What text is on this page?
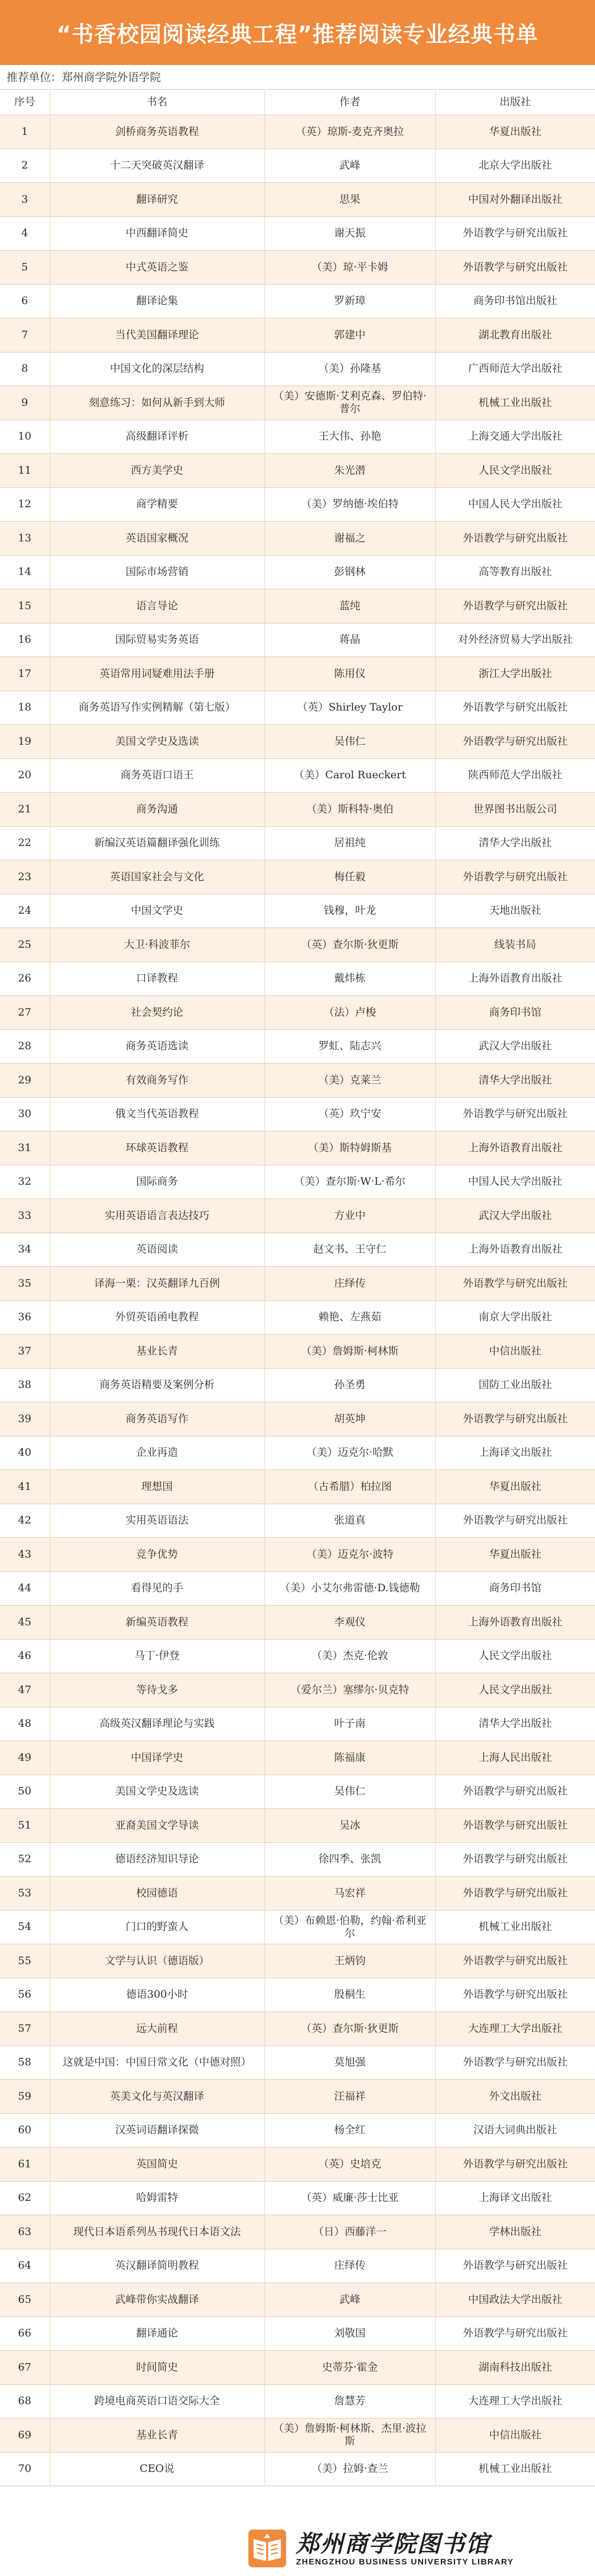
“书香校园阅读经典工程”推荐阅读专业经典书单
推荐单位：郑州商学院外语学院
序号	书名	作者	出版社
1	剑桥商务英语教程	（英）琼斯-麦克齐奥拉	华夏出版社
2	十二天突破英汉翻译	武峰	北京大学出版社
3	翻译研究	思果	中国对外翻译出版社
4	中西翻译简史	谢天振	外语教学与研究出版社
5	中式英语之鉴	（美）琼·平卡姆	外语教学与研究出版社
6	翻译论集	罗新璋	商务印书馆出版社
7	当代美国翻译理论	郭建中	湖北教育出版社
8	中国文化的深层结构	（美）孙隆基	广西师范大学出版社
9	刻意练习：如何从新手到大师	（美）安德斯·艾利克森、罗伯特·普尔	机械工业出版社
10	高级翻译评析	王大伟、孙艳	上海交通大学出版社
11	西方美学史	朱光潜	人民文学出版社
12	商学精要	（美）罗纳德·埃伯特	中国人民大学出版社
13	英语国家概况	谢福之	外语教学与研究出版社
14	国际市场营销	彭钢林	高等教育出版社
15	语言导论	蓝纯	外语教学与研究出版社
16	国际贸易实务英语	蒋晶	对外经济贸易大学出版社
17	英语常用词疑难用法手册	陈用仪	浙江大学出版社
18	商务英语写作实例精解（第七版）	（英）Shirley Taylor	外语教学与研究出版社
19	美国文学史及选读	吴伟仁	外语教学与研究出版社
20	商务英语口语王	（美）Carol Rueckert	陕西师范大学出版社
21	商务沟通	（美）斯科特·奥伯	世界图书出版公司
22	新编汉英语篇翻译强化训练	居祖纯	清华大学出版社
23	英语国家社会与文化	梅任毅	外语教学与研究出版社
24	中国文学史	钱穆，叶龙	天地出版社
25	大卫·科波菲尔	（英）查尔斯·狄更斯	线装书局
26	口译教程	戴炜栋	上海外语教育出版社
27	社会契约论	（法）卢梭	商务印书馆
28	商务英语选读	罗虹、陆志兴	武汉大学出版社
29	有效商务写作	（美）克莱兰	清华大学出版社
30	俄文当代英语教程	（英）玖宁安	外语教学与研究出版社
31	环球英语教程	（美）斯特姆斯基	上海外语教育出版社
32	国际商务	（美）查尔斯·W·L·希尔	中国人民大学出版社
33	实用英语语言表达技巧	方业中	武汉大学出版社
34	英语阅读	赵文书、王守仁	上海外语教育出版社
35	译海一栗：汉英翻译九百例	庄绎传	外语教学与研究出版社
36	外贸英语函电教程	赖艳、左燕茹	南京大学出版社
37	基业长青	（美）詹姆斯·柯林斯	中信出版社
38	商务英语精要及案例分析	孙圣勇	国防工业出版社
39	商务英语写作	胡英坤	外语教学与研究出版社
40	企业再造	（美）迈克尔·哈默	上海译文出版社
41	理想国	（古希腊）柏拉图	华夏出版社
42	实用英语语法	张道真	外语教学与研究出版社
43	竞争优势	（美）迈克尔·波特	华夏出版社
44	看得见的手	（美）小艾尔弗雷德·D.钱德勒	商务印书馆
45	新编英语教程	李观仪	上海外语教育出版社
46	马丁·伊登	（美）杰克·伦敦	人民文学出版社
47	等待戈多	（爱尔兰）塞缪尔·贝克特	人民文学出版社
48	高级英汉翻译理论与实践	叶子南	清华大学出版社
49	中国译学史	陈福康	上海人民出版社
50	美国文学史及选读	吴伟仁	外语教学与研究出版社
51	亚裔美国文学导读	吴冰	外语教学与研究出版社
52	德语经济知识导论	徐四季、张凯	外语教学与研究出版社
53	校园德语	马宏祥	外语教学与研究出版社
54	门口的野蛮人	（美）布赖恩·伯勒，约翰·希利亚尔	机械工业出版社
55	文学与认识（德语版）	王炳钧	外语教学与研究出版社
56	德语300小时	殷桐生	外语教学与研究出版社
57	远大前程	（英）查尔斯·狄更斯	大连理工大学出版社
58	这就是中国：中国日常文化（中德对照）	莫旭强	外语教学与研究出版社
59	英美文化与英汉翻译	汪福祥	外文出版社
60	汉英词语翻译探微	杨全红	汉语大词典出版社
61	英国简史	（英）史培克	外语教学与研究出版社
62	哈姆雷特	（英）威廉·莎士比亚	上海译文出版社
63	现代日本语系列丛书现代日本语文法	（日）西藤洋一	学林出版社
64	英汉翻译简明教程	庄绎传	外语教学与研究出版社
65	武峰带你实战翻译	武峰	中国政法大学出版社
66	翻译通论	刘敬国	外语教学与研究出版社
67	时间简史	史蒂芬·霍金	湖南科技出版社
68	跨境电商英语口语交际大全	詹慧芳	大连理工大学出版社
69	基业长青	（美）詹姆斯·柯林斯、杰里·波拉斯	中信出版社
70	CEO说	（美）拉姆·查兰	机械工业出版社
郑州商学院图书馆
ZHENGZHOU BUSINESS UNIVERSITY LIBRARY
